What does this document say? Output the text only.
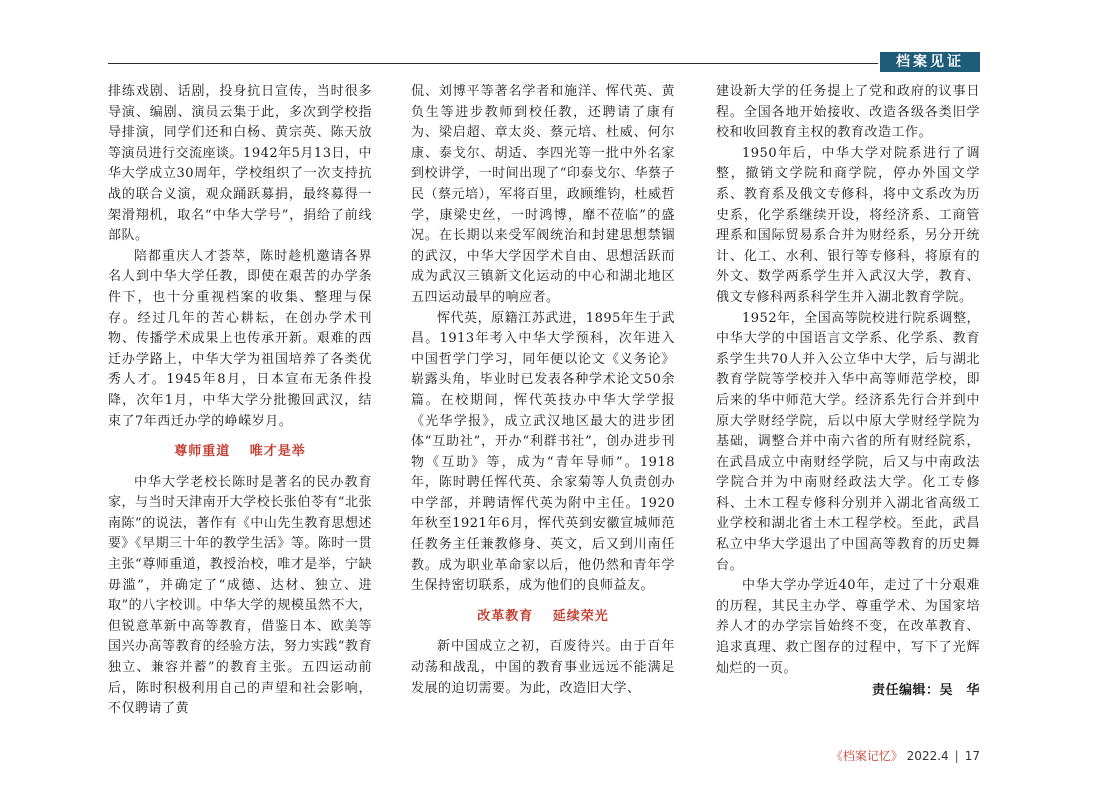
档案见证

排练戏剧、话剧，投身抗日宣传，当时很多导演、编剧、演员云集于此，多次到学校指导排演，同学们还和白杨、黄宗英、陈天放等演员进行交流座谈。1942年5月13日，中华大学成立30周年，学校组织了一次支持抗战的联合义演，观众踊跃募捐，最终募得一架滑翔机，取名“中华大学号”，捐给了前线部队。

陪都重庆人才荟萃，陈时趁机邀请各界名人到中华大学任教，即使在艰苦的办学条件下，也十分重视档案的收集、整理与保存。经过几年的苦心耕耘，在创办学术刊物、传播学术成果上也传承开新。艰难的西迁办学路上，中华大学为祖国培养了各类优秀人才。1945年8月，日本宣布无条件投降，次年1月，中华大学分批搬回武汉，结束了7年西迁办学的峥嵘岁月。

尊师重道 唯才是举

中华大学老校长陈时是著名的民办教育家，与当时天津南开大学校长张伯苓有“北张南陈”的说法，著作有《中山先生教育思想述要》《早期三十年的教学生活》等。陈时一贯主张“尊师重道，教授治校，唯才是举，宁缺毋滥”，并确定了“成德、达材、独立、进取”的八字校训。中华大学的规模虽然不大，但锐意革新中高等教育，借鉴日本、欧美等国兴办高等教育的经验方法，努力实践“教育独立、兼容并蓄”的教育主张。五四运动前后，陈时积极利用自己的声望和社会影响，不仅聘请了黄

侃、刘博平等著名学者和施洋、恽代英、黄负生等进步教师到校任教，还聘请了康有为、梁启超、章太炎、蔡元培、杜威、何尔康、泰戈尔、胡适、李四光等一批中外名家到校讲学，一时间出现了“印泰戈尔、华蔡子民（蔡元培），军将百里，政顾维钧，杜威哲学，康梁史丝，一时鸿博，靡不莅临”的盛况。在长期以来受军阀统治和封建思想禁锢的武汉，中华大学因学术自由、思想活跃而成为武汉三镇新文化运动的中心和湖北地区五四运动最早的响应者。

恽代英，原籍江苏武进，1895年生于武昌。1913年考入中华大学预科，次年进入中国哲学门学习，同年便以论文《义务论》崭露头角，毕业时已发表各种学术论文50余篇。在校期间，恽代英技办中华大学学报《光华学报》，成立武汉地区最大的进步团体“互助社”，开办“利群书社”，创办进步刊物《互助》等，成为“青年导师”。1918年，陈时聘任恽代英、余家菊等人负责创办中学部，并聘请恽代英为附中主任。1920年秋至1921年6月，恽代英到安徽宣城师范任教务主任兼教修身、英文，后又到川南任教。成为职业革命家以后，他仍然和青年学生保持密切联系，成为他们的良师益友。

改革教育 延续荣光

新中国成立之初，百废待兴。由于百年动荡和战乱，中国的教育事业远远不能满足发展的迫切需要。为此，改造旧大学、

建设新大学的任务提上了党和政府的议事日程。全国各地开始接收、改造各级各类旧学校和收回教育主权的教育改造工作。

1950年后，中华大学对院系进行了调整，撤销文学院和商学院，停办外国文学系、教育系及俄文专修科，将中文系改为历史系，化学系继续开设，将经济系、工商管理系和国际贸易系合并为财经系，另分开统计、化工、水利、银行等专修科，将原有的外文、数学两系学生并入武汉大学，教育、俄文专修科两系科学生并入湖北教育学院。

1952年，全国高等院校进行院系调整，中华大学的中国语言文学系、化学系、教育系学生共70人并入公立华中大学，后与湖北教育学院等学校并入华中高等师范学校，即后来的华中师范大学。经济系先行合并到中原大学财经学院，后以中原大学财经学院为基础，调整合并中南六省的所有财经院系，在武昌成立中南财经学院，后又与中南政法学院合并为中南财经政法大学。化工专修科、土木工程专修科分别并入湖北省高级工业学校和湖北省土木工程学校。至此，武昌私立中华大学退出了中国高等教育的历史舞台。

中华大学办学近40年，走过了十分艰难的历程，其民主办学、尊重学术、为国家培养人才的办学宗旨始终不变，在改革教育、追求真理、救亡图存的过程中，写下了光辉灿烂的一页。

责任编辑：吴　华
《档案记忆》 2022.4 | 17
